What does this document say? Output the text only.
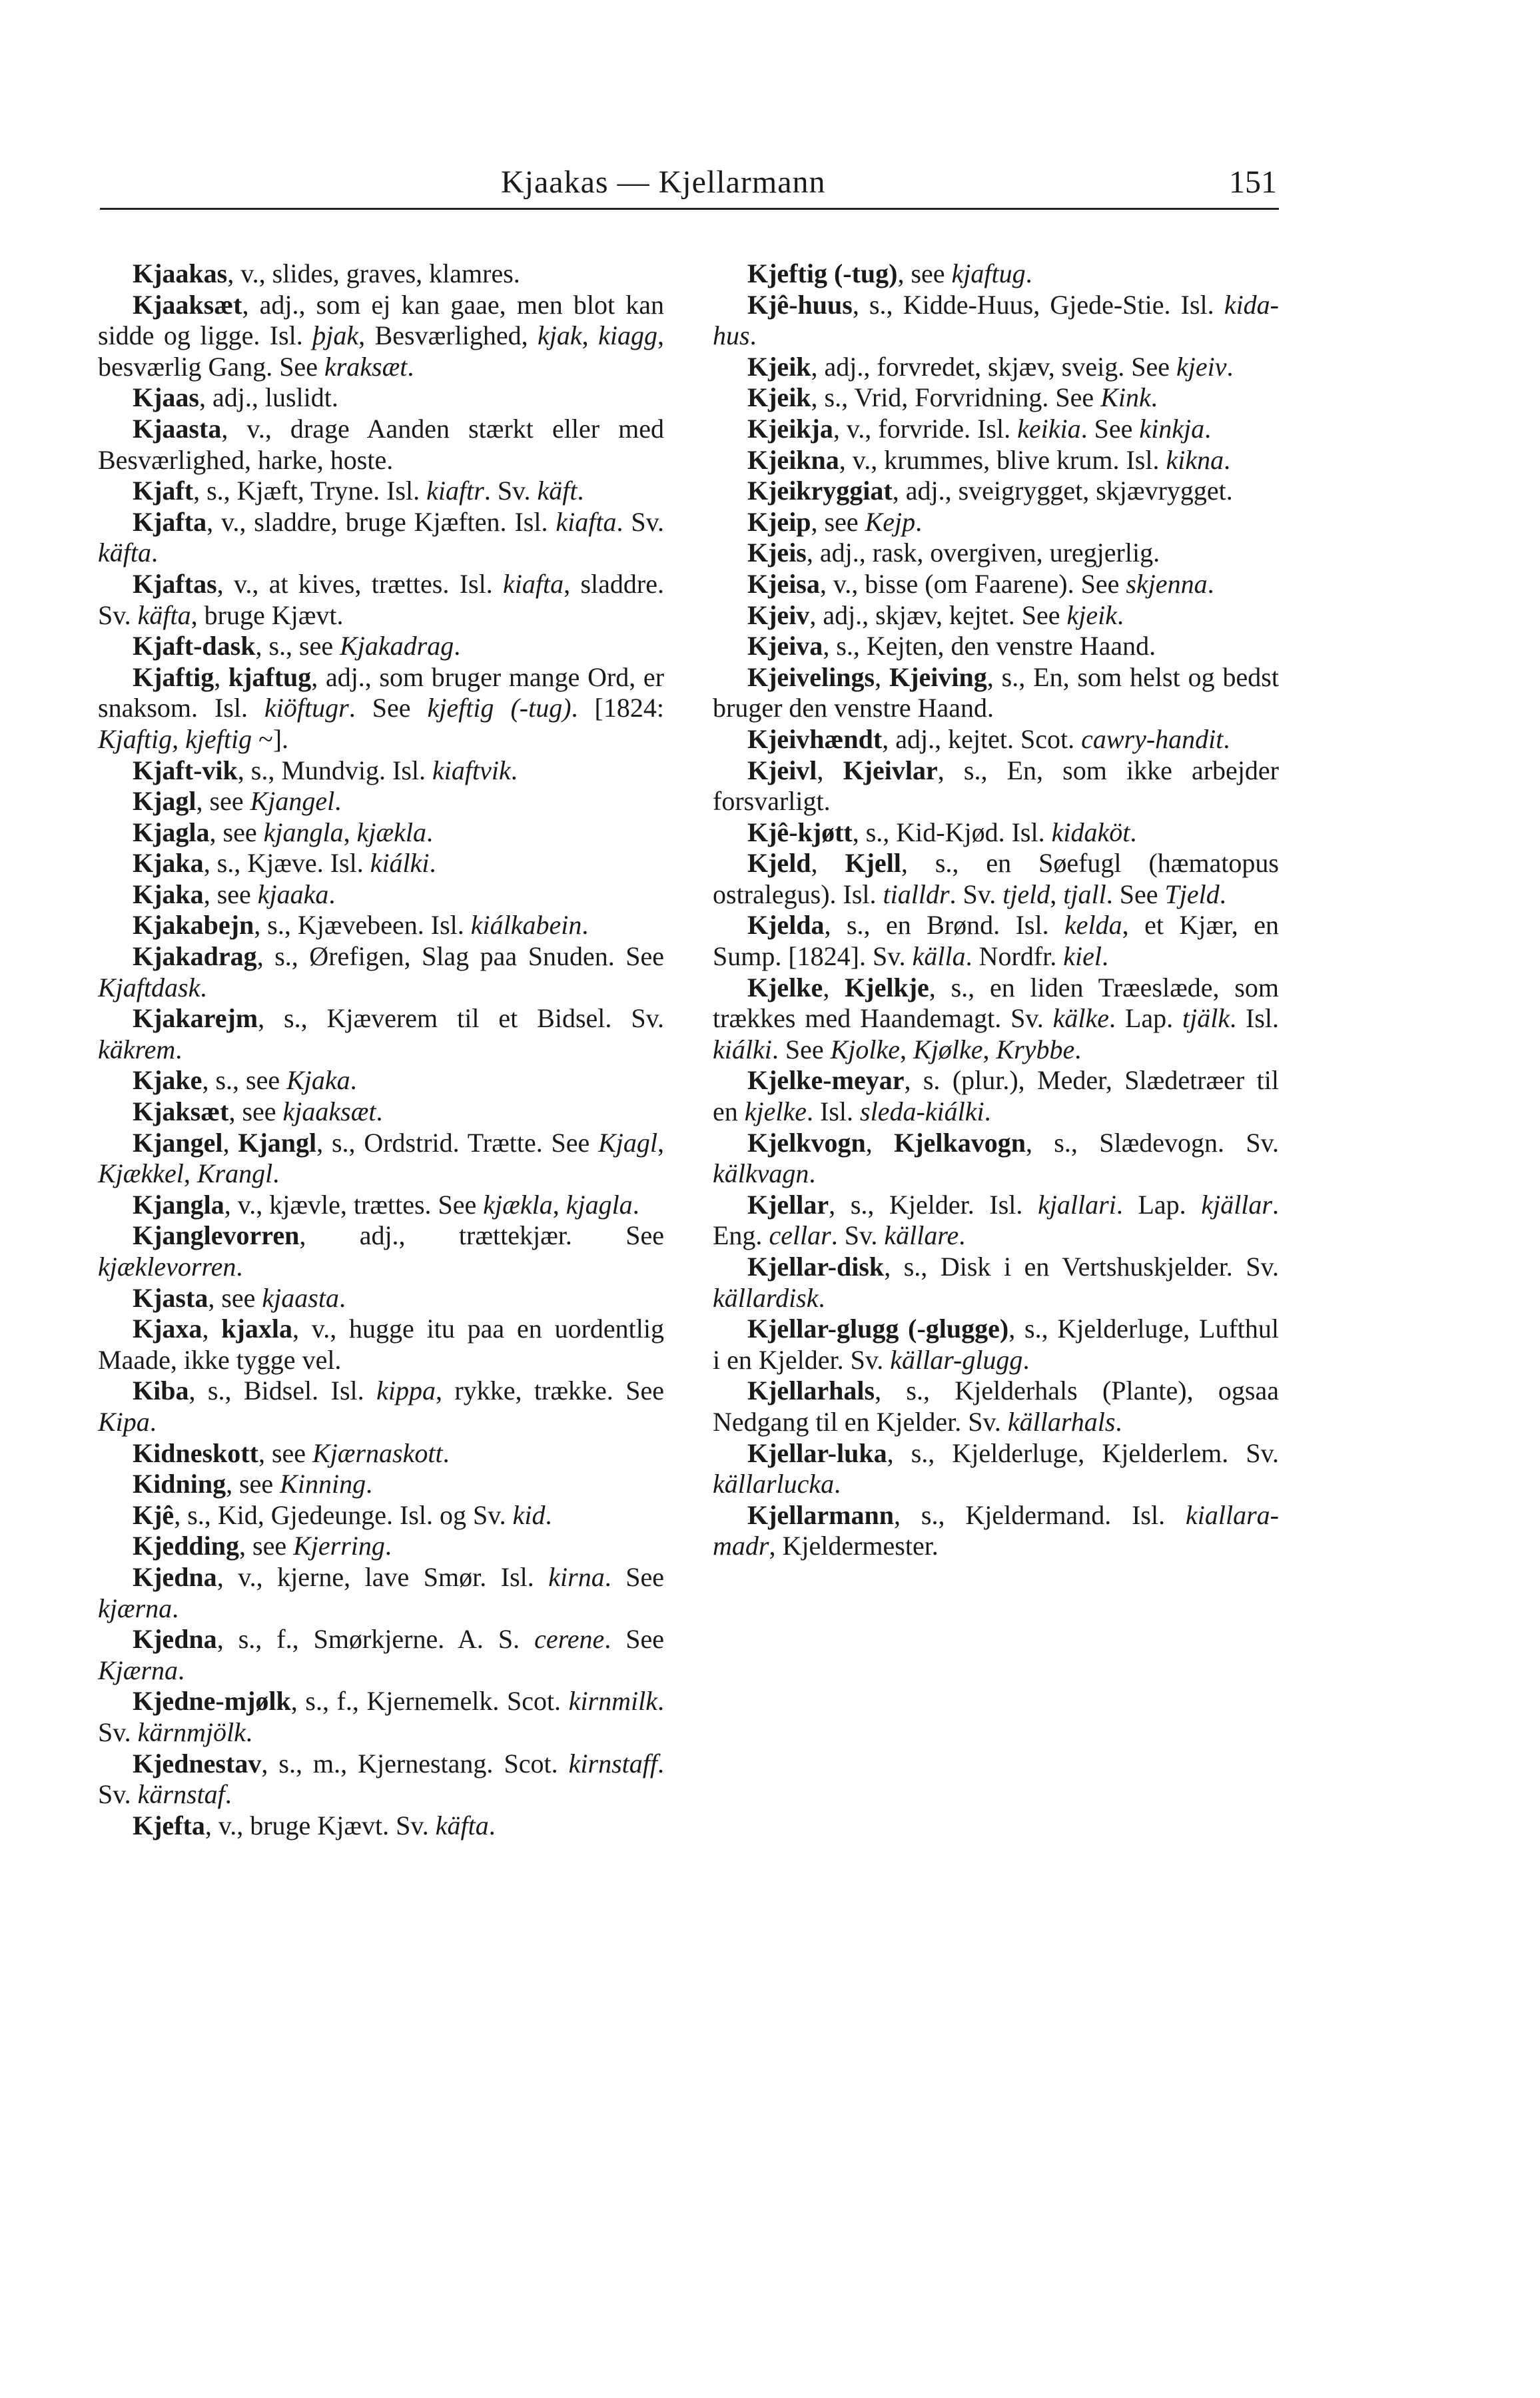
Kjaakas — Kjellarmann	151

Kjaakas, v., slides, graves, klamres.

Kjaaksæt, adj., som ej kan gaae, men blot kan sidde og ligge. Isl. þjak, Besværlighed, kjak, kiagg, besværlig Gang. See kraksæt.

Kjaas, adj., luslidt.

Kjaasta, v., drage Aanden stærkt eller med Besværlighed, harke, hoste.

Kjaft, s., Kjæft, Tryne. Isl. kiaftr. Sv. käft.

Kjafta, v., sladdre, bruge Kjæften. Isl. kiafta. Sv. käfta.

Kjaftas, v., at kives, trættes. Isl. kiafta, sladdre. Sv. käfta, bruge Kjævt.

Kjaft-dask, s., see Kjakadrag.

Kjaftig, kjaftug, adj., som bruger mange Ord, er snaksom. Isl. kiöftugr. See kjeftig (-tug). [1824: Kjaftig, kjeftig ~].

Kjaft-vik, s., Mundvig. Isl. kiaftvik.

Kjagl, see Kjangel.

Kjagla, see kjangla, kjækla.

Kjaka, s., Kjæve. Isl. kiálki.

Kjaka, see kjaaka.

Kjakabejn, s., Kjævebeen. Isl. kiálkabein.

Kjakadrag, s., Ørefigen, Slag paa Snuden. See Kjaftdask.

Kjakarejm, s., Kjæverem til et Bidsel. Sv. käkrem.

Kjake, s., see Kjaka.

Kjaksæt, see kjaaksæt.

Kjangel, Kjangl, s., Ordstrid. Trætte. See Kjagl, Kjækkel, Krangl.

Kjangla, v., kjævle, trættes. See kjækla, kjagla.

Kjanglevorren, adj., trættekjær. See kjæklevorren.

Kjasta, see kjaasta.

Kjaxa, kjaxla, v., hugge itu paa en uordentlig Maade, ikke tygge vel.

Kiba, s., Bidsel. Isl. kippa, rykke, trække. See Kipa.

Kidneskott, see Kjærnaskott.

Kidning, see Kinning.

Kjê, s., Kid, Gjedeunge. Isl. og Sv. kid.

Kjedding, see Kjerring.

Kjedna, v., kjerne, lave Smør. Isl. kirna. See kjærna.

Kjedna, s., f., Smørkjerne. A. S. cerene. See Kjærna.

Kjedne-mjølk, s., f., Kjernemelk. Scot. kirnmilk. Sv. kärnmjölk.

Kjednestav, s., m., Kjernestang. Scot. kirnstaff. Sv. kärnstaf.

Kjefta, v., bruge Kjævt. Sv. käfta.

Kjeftig (-tug), see kjaftug.

Kjê-huus, s., Kidde-Huus, Gjede-Stie. Isl. kida-hus.

Kjeik, adj., forvredet, skjæv, sveig. See kjeiv.

Kjeik, s., Vrid, Forvridning. See Kink.

Kjeikja, v., forvride. Isl. keikia. See kinkja.

Kjeikna, v., krummes, blive krum. Isl. kikna.

Kjeikryggiat, adj., sveigrygget, skjævrygget.

Kjeip, see Kejp.

Kjeis, adj., rask, overgiven, uregjerlig.

Kjeisa, v., bisse (om Faarene). See skjenna.

Kjeiv, adj., skjæv, kejtet. See kjeik.

Kjeiva, s., Kejten, den venstre Haand.

Kjeivelings, Kjeiving, s., En, som helst og bedst bruger den venstre Haand.

Kjeivhændt, adj., kejtet. Scot. cawry-handit.

Kjeivl, Kjeivlar, s., En, som ikke arbejder forsvarligt.

Kjê-kjøtt, s., Kid-Kjød. Isl. kidaköt.

Kjeld, Kjell, s., en Søefugl (hæmatopus ostralegus). Isl. tialldr. Sv. tjeld, tjall. See Tjeld.

Kjelda, s., en Brønd. Isl. kelda, et Kjær, en Sump. [1824]. Sv. källa. Nordfr. kiel.

Kjelke, Kjelkje, s., en liden Træeslæde, som trækkes med Haandemagt. Sv. kälke. Lap. tjälk. Isl. kiálki. See Kjolke, Kjølke, Krybbe.

Kjelke-meyar, s. (plur.), Meder, Slædetræer til en kjelke. Isl. sleda-kiálki.

Kjelkvogn, Kjelkavogn, s., Slædevogn. Sv. kälkvagn.

Kjellar, s., Kjelder. Isl. kjallari. Lap. kjällar. Eng. cellar. Sv. källare.

Kjellar-disk, s., Disk i en Vertshuskjelder. Sv. källardisk.

Kjellar-glugg (-glugge), s., Kjelderluge, Lufthul i en Kjelder. Sv. källar-glugg.

Kjellarhals, s., Kjelderhals (Plante), ogsaa Nedgang til en Kjelder. Sv. källarhals.

Kjellar-luka, s., Kjelderluge, Kjelderlem. Sv. källarlucka.

Kjellarmann, s., Kjeldermand. Isl. kiallara-madr, Kjeldermester.
